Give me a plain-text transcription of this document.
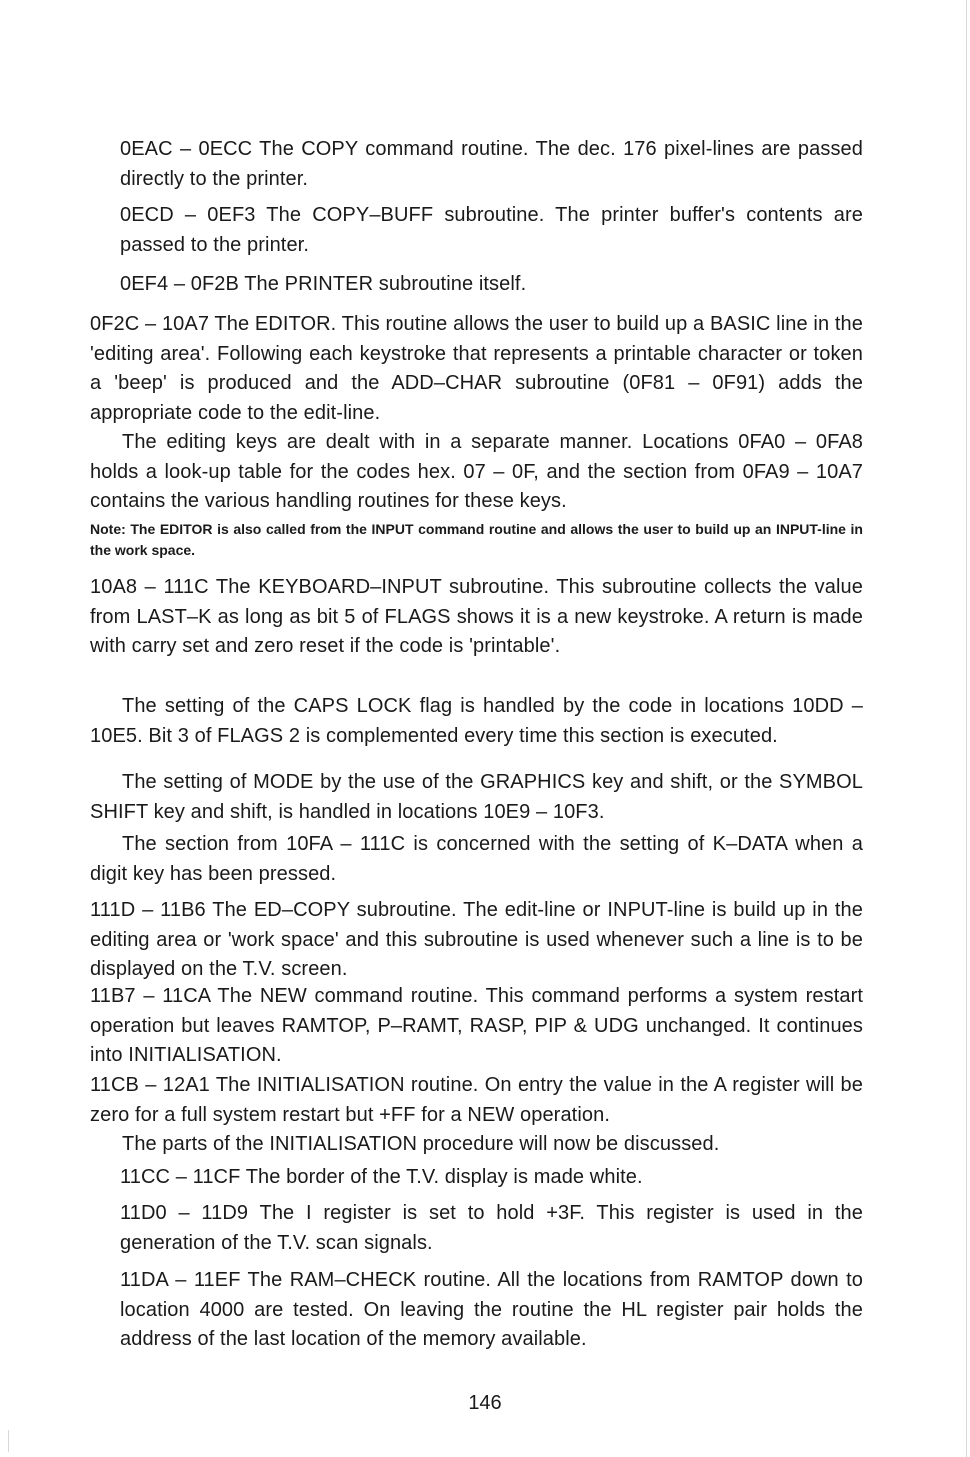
0EAC – 0ECC The COPY command routine. The dec. 176 pixel-lines are passed directly to the printer.

0ECD – 0EF3 The COPY–BUFF subroutine. The printer buffer's contents are passed to the printer.

0EF4 – 0F2B The PRINTER subroutine itself.

0F2C – 10A7 The EDITOR. This routine allows the user to build up a BASIC line in the 'editing area'. Following each keystroke that represents a printable character or token a 'beep' is produced and the ADD–CHAR subroutine (0F81 – 0F91) adds the appropriate code to the edit-line.

The editing keys are dealt with in a separate manner. Locations 0FA0 – 0FA8 holds a look-up table for the codes hex. 07 – 0F, and the section from 0FA9 – 10A7 contains the various handling routines for these keys.

Note: The EDITOR is also called from the INPUT command routine and allows the user to build up an INPUT-line in the work space.

10A8 – 111C The KEYBOARD–INPUT subroutine. This subroutine collects the value from LAST–K as long as bit 5 of FLAGS shows it is a new keystroke. A return is made with carry set and zero reset if the code is 'printable'.

The setting of the CAPS LOCK flag is handled by the code in locations 10DD – 10E5. Bit 3 of FLAGS 2 is complemented every time this section is executed.

The setting of MODE by the use of the GRAPHICS key and shift, or the SYMBOL SHIFT key and shift, is handled in locations 10E9 – 10F3.

The section from 10FA – 111C is concerned with the setting of K–DATA when a digit key has been pressed.

111D – 11B6 The ED–COPY subroutine. The edit-line or INPUT-line is build up in the editing area or 'work space' and this subroutine is used whenever such a line is to be displayed on the T.V. screen.

11B7 – 11CA The NEW command routine. This command performs a system restart operation but leaves RAMTOP, P–RAMT, RASP, PIP & UDG unchanged. It continues into INITIALISATION.

11CB – 12A1 The INITIALISATION routine. On entry the value in the A register will be zero for a full system restart but +FF for a NEW operation.

The parts of the INITIALISATION procedure will now be discussed.

11CC – 11CF The border of the T.V. display is made white.

11D0 – 11D9 The I register is set to hold +3F. This register is used in the generation of the T.V. scan signals.

11DA – 11EF The RAM–CHECK routine. All the locations from RAMTOP down to location 4000 are tested. On leaving the routine the HL register pair holds the address of the last location of the memory available.

146
